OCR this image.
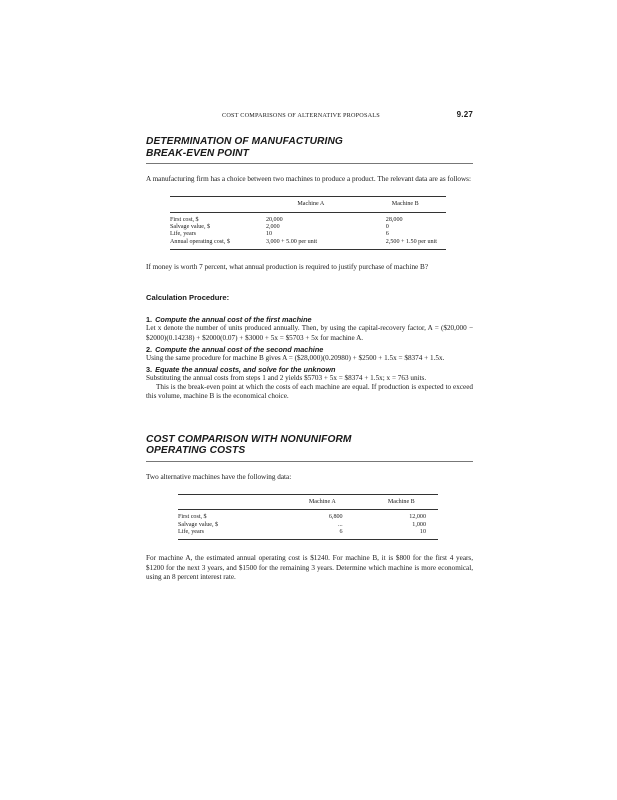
COST COMPARISONS OF ALTERNATIVE PROPOSALS	9.27
DETERMINATION OF MANUFACTURING
BREAK-EVEN POINT

A manufacturing firm has a choice between two machines to produce a product. The relevant data are as follows:

	Machine A	Machine B
First cost, $	20,000	28,000
Salvage value, $	2,000	0
Life, years	10	6
Annual operating cost, $	3,000 + 5.00 per unit	2,500 + 1.50 per unit

If money is worth 7 percent, what annual production is required to justify purchase of machine B?

Calculation Procedure:
1. Compute the annual cost of the first machine

Let x denote the number of units produced annually. Then, by using the capital-recovery factor, A = ($20,000 − $2000)(0.14238) + $2000(0.07) + $3000 + 5x = $5703 + 5x for machine A.

2. Compute the annual cost of the second machine

Using the same procedure for machine B gives A = ($28,000)(0.20980) + $2500 + 1.5x = $8374 + 1.5x.

3. Equate the annual costs, and solve for the unknown

Substituting the annual costs from steps 1 and 2 yields $5703 + 5x = $8374 + 1.5x; x = 763 units.

This is the break-even point at which the costs of each machine are equal. If production is expected to exceed this volume, machine B is the economical choice.

COST COMPARISON WITH NONUNIFORM
OPERATING COSTS

Two alternative machines have the following data:

	Machine A	Machine B
First cost, $	6,800	12,000
Salvage value, $	...	1,000
Life, years	6	10

For machine A, the estimated annual operating cost is $1240. For machine B, it is $800 for the first 4 years, $1200 for the next 3 years, and $1500 for the remaining 3 years. Determine which machine is more economical, using an 8 percent interest rate.
